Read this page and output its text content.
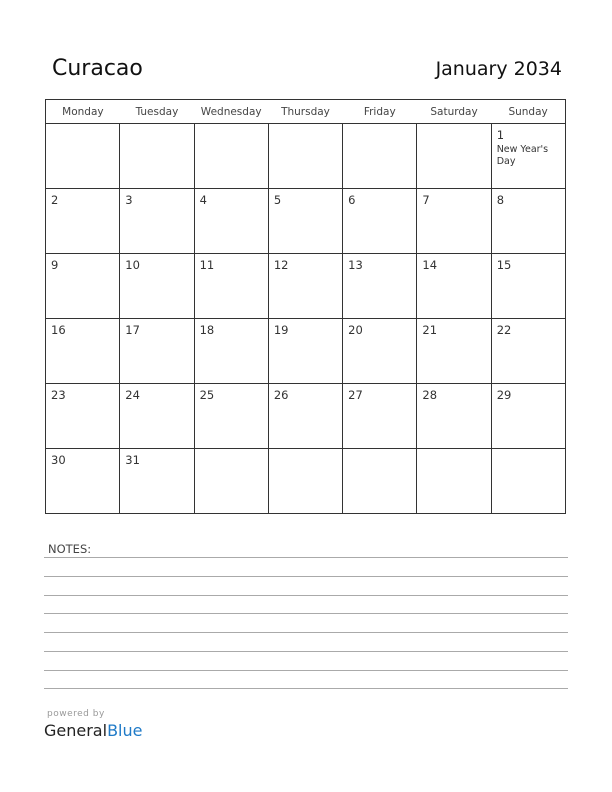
Curacao	January 2034
Monday	Tuesday	Wednesday	Thursday	Friday	Saturday	Sunday

						1
New Year's Day

2	3	4	5	6	7	8

9	10	11	12	13	14	15

16	17	18	19	20	21	22

23	24	25	26	27	28	29

30	31					

NOTES:
powered by
GeneralBlue
